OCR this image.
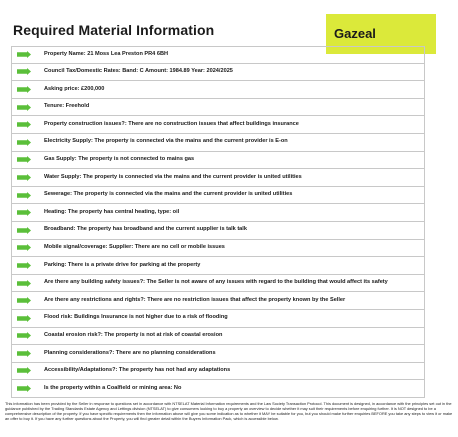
Required Material Information	Gazeal
Property Name: 21 Moss Lea Preston PR4 6BH
Council Tax/Domestic Rates: Band: C Amount: 1984.89 Year: 2024/2025
Asking price: £200,000
Tenure: Freehold
Property construction issues?: There are no construction issues that affect buildings insurance
Electricity Supply: The property is connected via the mains and the current provider is E-on
Gas Supply: The property is not connected to mains gas
Water Supply: The property is connected via the mains and the current provider is united utilities
Sewerage: The property is connected via the mains and the current provider is united utilities
Heating: The property has central heating, type: oil
Broadband: The property has broadband and the current supplier is talk talk
Mobile signal/coverage: Supplier: There are no cell or mobile issues
Parking: There is a private drive for parking at the property
Are there any building safety issues?: The Seller is not aware of any issues with regard to the building that would affect its safety
Are there any restrictions and rights?: There are no restriction issues that affect the property known by the Seller
Flood risk: Buildings Insurance is not higher due to a risk of flooding
Coastal erosion risk?: The property is not at risk of coastal erosion
Planning considerations?: There are no planning considerations
Accessibility/Adaptations?: The property has not had any adaptations
Is the property within a Coalfield or mining area: No
This information has been provided by the Seller in response to questions set in accordance with NTSELAT Material Information requirements and the Law Society Transaction Protocol. This document is designed, in accordance with the principles set out in the guidance published by the Trading Standards Estate Agency and Lettings division (NTSELAT) to give consumers looking to buy a property an overview to decide whether it may suit their requirements before enquiring further. It is NOT designed to be a comprehensive description of the property. If you have specific requirements then the information above will give you some indication as to whether it MAY be suitable for you, but you should make further enquiries BEFORE you take any steps to view it or make an offer to buy it. If you have any further questions about the Property, you will find greater detail within the Buyers Information Pack, which is accessible below.
